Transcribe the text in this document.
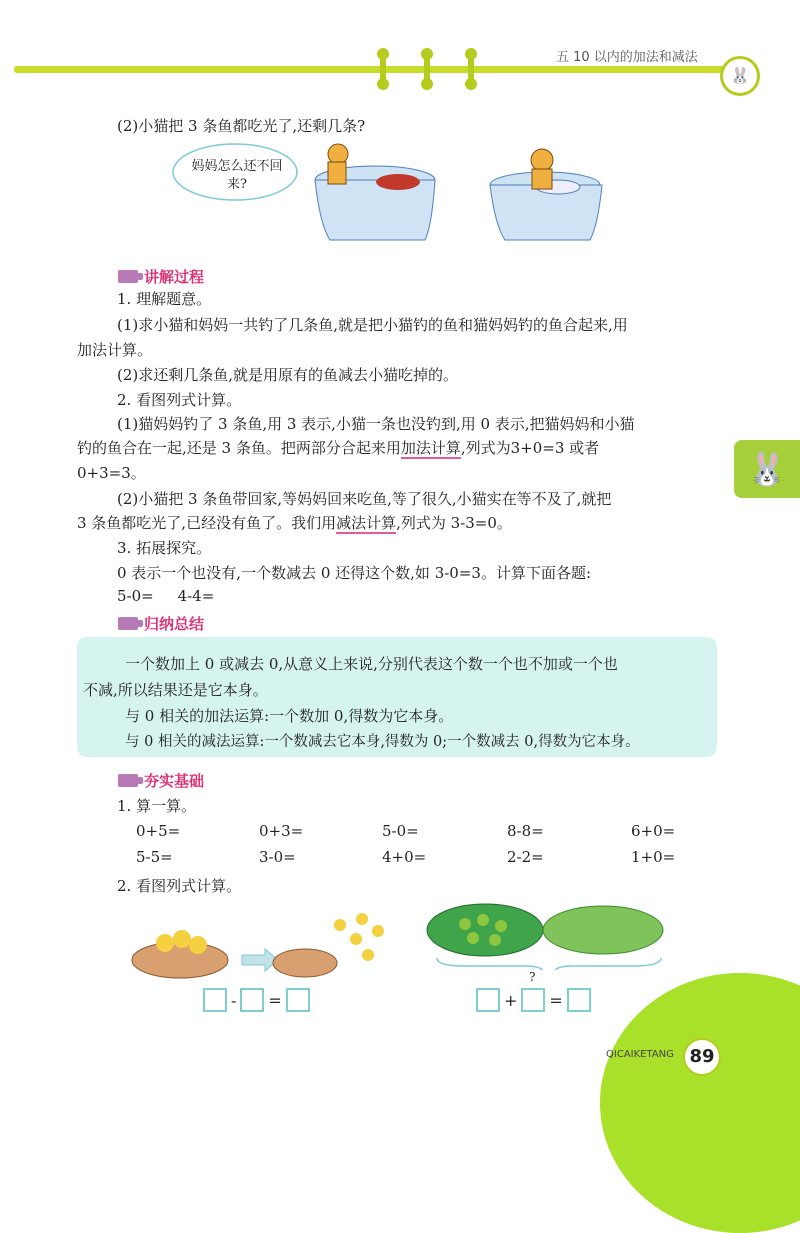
五 10 以内的加法和减法
🐰
(2)小猫把 3 条鱼都吃光了,还剩几条?
妈妈怎么还不回来?
讲解过程
1. 理解题意。
(1)求小猫和妈妈一共钓了几条鱼,就是把小猫钓的鱼和猫妈妈钓的鱼合起来,用
加法计算。
(2)求还剩几条鱼,就是用原有的鱼减去小猫吃掉的。
2. 看图列式计算。
(1)猫妈妈钓了 3 条鱼,用 3 表示,小猫一条也没钓到,用 0 表示,把猫妈妈和小猫
钓的鱼合在一起,还是 3 条鱼。把两部分合起来用加法计算,列式为3+0=3 或者
0+3=3。
(2)小猫把 3 条鱼带回家,等妈妈回来吃鱼,等了很久,小猫实在等不及了,就把
3 条鱼都吃光了,已经没有鱼了。我们用减法计算,列式为 3-3=0。
3. 拓展探究。
0 表示一个也没有,一个数减去 0 还得这个数,如 3-0=3。计算下面各题:
5-0=     4-4=
🐰
归纳总结
一个数加上 0 或减去 0,从意义上来说,分别代表这个数一个也不加或一个也
不减,所以结果还是它本身。
与 0 相关的加法运算:一个数加 0,得数为它本身。
与 0 相关的减法运算:一个数减去它本身,得数为 0;一个数减去 0,得数为它本身。
夯实基础
1. 算一算。
0+5=	0+3=	5-0=	8-8=	6+0=
5-5=	3-0=	4+0=	2-2=	1+0=
2. 看图列式计算。
?
- =	+ =
QICAIKETANG 89
